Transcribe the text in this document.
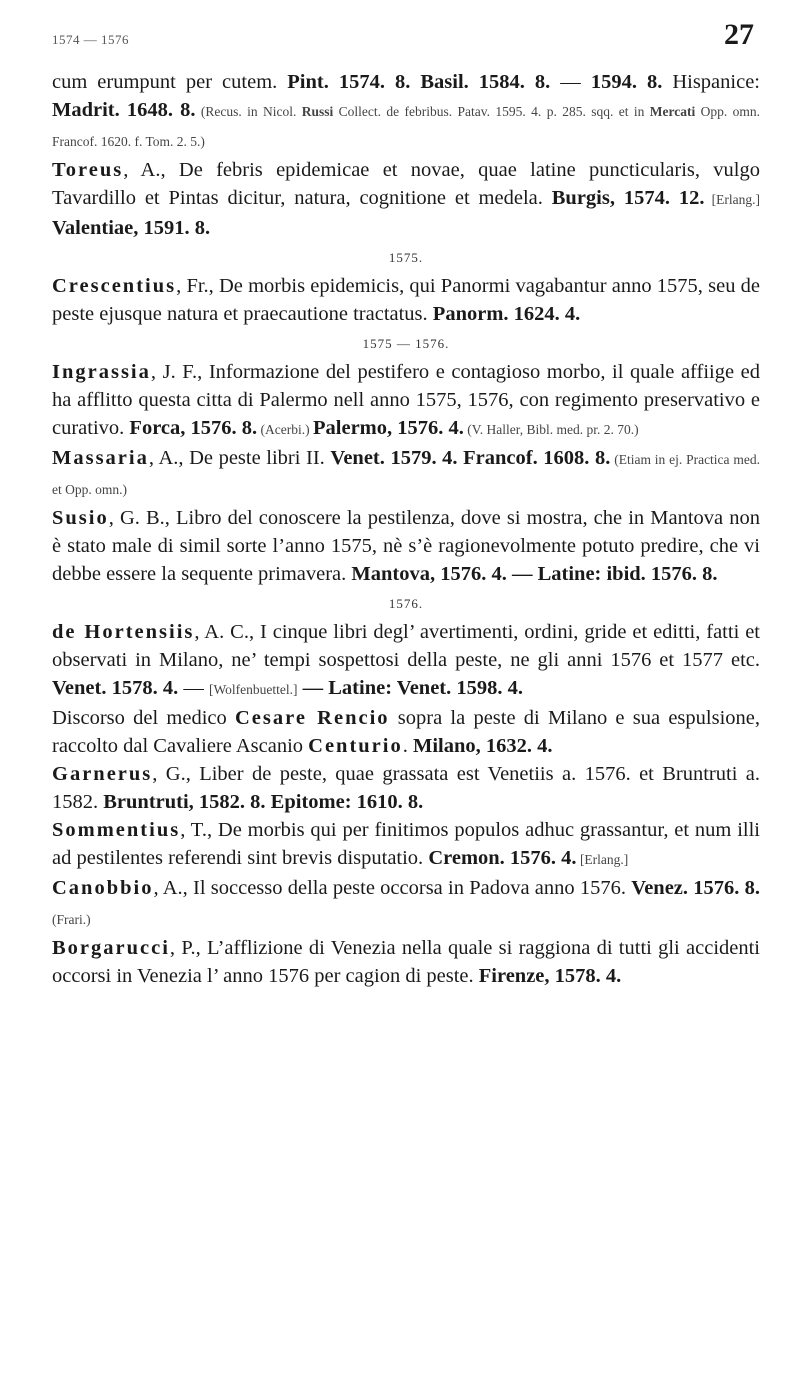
1574 — 1576	27

cum erumpunt per cutem. Pint. 1574. 8. Basil. 1584. 8. — 1594. 8. Hispanice: Madrit. 1648. 8. (Recus. in Nicol. Russi Collect. de febribus. Patav. 1595. 4. p. 285. sqq. et in Mercati Opp. omn. Francof. 1620. f. Tom. 2. 5.)

Toreus, A., De febris epidemicae et novae, quae latine puncticularis, vulgo Tavardillo et Pintas dicitur, natura, cognitione et medela. Burgis, 1574. 12. [Erlang.] Valentiae, 1591. 8.

1575.

Crescentius, Fr., De morbis epidemicis, qui Panormi vagabantur anno 1575, seu de peste ejusque natura et praecautione tractatus. Panorm. 1624. 4.

1575 — 1576.

Ingrassia, J. F., Informazione del pestifero e contagioso morbo, il quale affiige ed ha afflitto questa citta di Palermo nell anno 1575, 1576, con regimento preservativo e curativo. Forca, 1576. 8. (Acerbi.) Palermo, 1576. 4. (V. Haller, Bibl. med. pr. 2. 70.)

Massaria, A., De peste libri II. Venet. 1579. 4. Francof. 1608. 8. (Etiam in ej. Practica med. et Opp. omn.)

Susio, G. B., Libro del conoscere la pestilenza, dove si mostra, che in Mantova non è stato male di simil sorte l’anno 1575, nè s’è ragionevolmente potuto predire, che vi debbe essere la sequente primavera. Mantova, 1576. 4. — Latine: ibid. 1576. 8.

1576.

de Hortensiis, A. C., I cinque libri degl’ avertimenti, ordini, gride et editti, fatti et observati in Milano, ne’ tempi sospettosi della peste, ne gli anni 1576 et 1577 etc. Venet. 1578. 4. — [Wolfenbuettel.] — Latine: Venet. 1598. 4.

Discorso del medico Cesare Rencio sopra la peste di Milano e sua espulsione, raccolto dal Cavaliere Ascanio Centurio. Milano, 1632. 4.

Garnerus, G., Liber de peste, quae grassata est Venetiis a. 1576. et Bruntruti a. 1582. Bruntruti, 1582. 8. Epitome: 1610. 8.

Sommentius, T., De morbis qui per finitimos populos adhuc grassantur, et num illi ad pestilentes referendi sint brevis disputatio. Cremon. 1576. 4. [Erlang.]

Canobbio, A., Il soccesso della peste occorsa in Padova anno 1576. Venez. 1576. 8. (Frari.)

Borgarucci, P., L’afflizione di Venezia nella quale si raggiona di tutti gli accidenti occorsi in Venezia l’ anno 1576 per cagion di peste. Firenze, 1578. 4.
